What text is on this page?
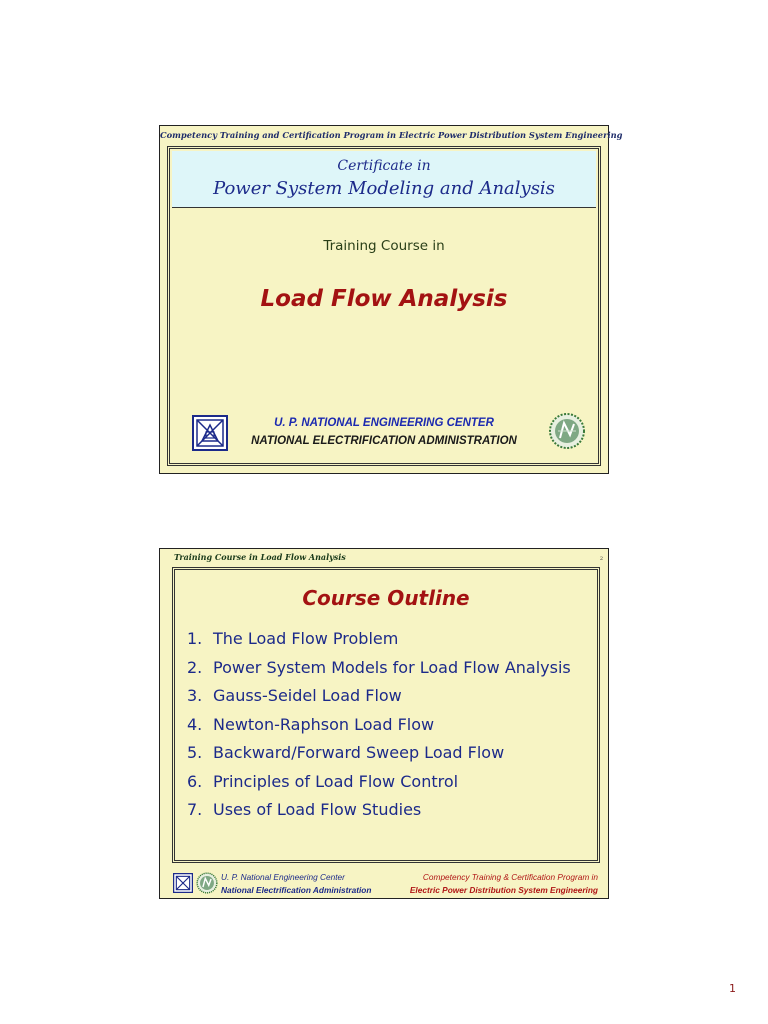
Competency Training and Certification Program in Electric Power Distribution System Engineering
Certificate in
Power System Modeling and Analysis
Training Course in
Load Flow Analysis
U. P. NATIONAL ENGINEERING CENTER
NATIONAL ELECTRIFICATION ADMINISTRATION
Training Course in Load Flow Analysis	2
Course Outline
1. The Load Flow Problem
2. Power System Models for Load Flow Analysis
3. Gauss-Seidel Load Flow
4. Newton-Raphson Load Flow
5. Backward/Forward Sweep Load Flow
6. Principles of Load Flow Control
7. Uses of Load Flow Studies
U. P. National Engineering Center
National Electrification Administration
Competency Training & Certification Program in
Electric Power Distribution System Engineering
1
